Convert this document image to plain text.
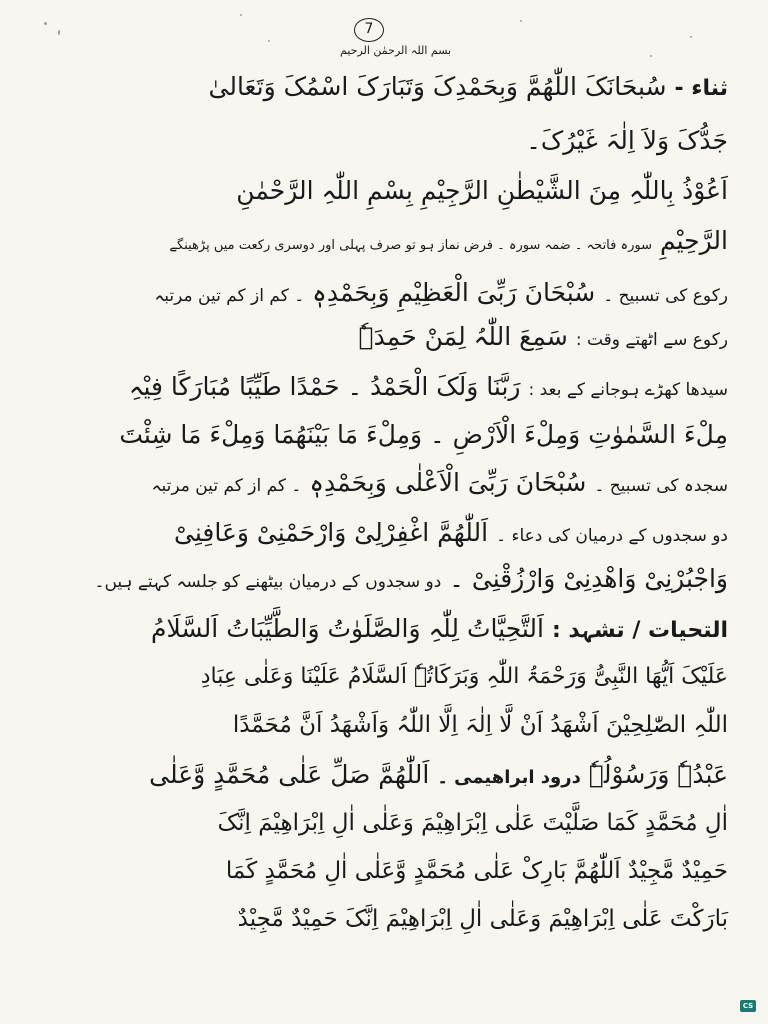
7
بسم اللہ الرحمٰن الرحیم
ثناء -سُبحَانَکَ اللّٰھُمَّ وَبِحَمْدِکَ وَتَبَارَکَ اسْمُکَ وَتَعَالیٰ
جَدُّکَ وَلاَ اِلٰہَ غَیْرُکَ۔
اَعُوْذُ بِاللّٰہِ مِنَ الشَّیْطٰنِ الرَّجِیْمِ بِسْمِ اللّٰہِ الرَّحْمٰنِ
الرَّحِیْمِسورہ فاتحہ ۔ ضمہ سورہ ۔ فرض نماز ہو تو صرف پہلی اور دوسری رکعت میں پڑھینگے
رکوع کی تسبیح ۔سُبْحَانَ رَبِّیَ الْعَظِیْمِ وَبِحَمْدِہٖ۔ کم از کم تین مرتبہ
رکوع سے اٹھتے وقت :سَمِعَ اللّٰہُ لِمَنْ حَمِدَہٗ
سیدھا کھڑے ہوجانے کے بعد :رَبَّنَا وَلَکَ الْحَمْدُ ۔ حَمْدًا طَیِّبًا مُبَارَکًا فِیْہِ
مِلْءَ السَّمٰوٰتِ وَمِلْءَ الْاَرْضِ ۔ وَمِلْءَ مَا بَیْنَھُمَا وَمِلْءَ مَا شِئْتَ
سجدہ کی تسبیح ۔سُبْحَانَ رَبِّیَ الْاَعْلٰی وَبِحَمْدِہٖ۔ کم از کم تین مرتبہ
دو سجدوں کے درمیان کی دعاء ۔اَللّٰھُمَّ اغْفِرْلِیْ وَارْحَمْنِیْ وَعَافِنِیْ
وَاجْبُرْنِیْ وَاھْدِنِیْ وَارْزُقْنِیْ ۔دو سجدوں کے درمیان بیٹھنے کو جلسہ کہتے ہیں۔
التحیات / تشہد :اَلتَّحِیَّاتُ لِلّٰہِ وَالصَّلَوٰتُ وَالطَّیِّبَاتُ اَلسَّلَامُ
عَلَیْکَ اَیُّھَا النَّبِیُّ وَرَحْمَۃُ اللّٰہِ وَبَرَکَاتُہٗ اَلسَّلَامُ عَلَیْنَا وَعَلٰی عِبَادِ
اللّٰہِ الصّٰلِحِیْنَ اَشْھَدُ اَنْ لَّا اِلٰہَ اِلَّا اللّٰہُ وَاَشْھَدُ اَنَّ مُحَمَّدًا
عَبْدُہٗ وَرَسُوْلُہٗدرود ابراھیمی ۔اَللّٰھُمَّ صَلِّ عَلٰی مُحَمَّدٍ وَّعَلٰی
اٰلِ مُحَمَّدٍ کَمَا صَلَّیْتَ عَلٰی اِبْرَاھِیْمَ وَعَلٰی اٰلِ اِبْرَاھِیْمَ اِنَّکَ
حَمِیْدٌ مَّجِیْدٌ اَللّٰھُمَّ بَارِکْ عَلٰی مُحَمَّدٍ وَّعَلٰی اٰلِ مُحَمَّدٍ کَمَا
بَارَکْتَ عَلٰی اِبْرَاھِیْمَ وَعَلٰی اٰلِ اِبْرَاھِیْمَ اِنَّکَ حَمِیْدٌ مَّجِیْدٌ
CS
